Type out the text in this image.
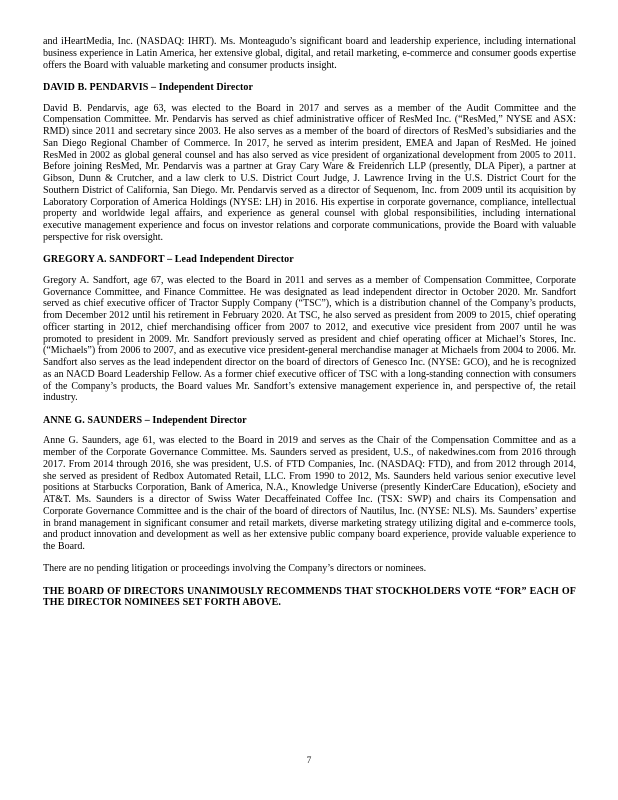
and iHeartMedia, Inc. (NASDAQ: IHRT). Ms. Monteagudo’s significant board and leadership experience, including international business experience in Latin America, her extensive global, digital, and retail marketing, e-commerce and consumer goods expertise offers the Board with valuable marketing and consumer products insight.

DAVID B. PENDARVIS – Independent Director

David B. Pendarvis, age 63, was elected to the Board in 2017 and serves as a member of the Audit Committee and the Compensation Committee. Mr. Pendarvis has served as chief administrative officer of ResMed Inc. (“ResMed,” NYSE and ASX: RMD) since 2011 and secretary since 2003. He also serves as a member of the board of directors of ResMed’s subsidiaries and the San Diego Regional Chamber of Commerce. In 2017, he served as interim president, EMEA and Japan of ResMed. He joined ResMed in 2002 as global general counsel and has also served as vice president of organizational development from 2005 to 2011. Before joining ResMed, Mr. Pendarvis was a partner at Gray Cary Ware & Freidenrich LLP (presently, DLA Piper), a partner at Gibson, Dunn & Crutcher, and a law clerk to U.S. District Court Judge, J. Lawrence Irving in the U.S. District Court for the Southern District of California, San Diego. Mr. Pendarvis served as a director of Sequenom, Inc. from 2009 until its acquisition by Laboratory Corporation of America Holdings (NYSE: LH) in 2016. His expertise in corporate governance, compliance, intellectual property and worldwide legal affairs, and experience as general counsel with global responsibilities, including international executive management experience and focus on investor relations and corporate communications, provide the Board with valuable perspective for risk oversight.

GREGORY A. SANDFORT – Lead Independent Director

Gregory A. Sandfort, age 67, was elected to the Board in 2011 and serves as a member of Compensation Committee, Corporate Governance Committee, and Finance Committee. He was designated as lead independent director in October 2020. Mr. Sandfort served as chief executive officer of Tractor Supply Company (“TSC”), which is a distribution channel of the Company’s products, from December 2012 until his retirement in February 2020. At TSC, he also served as president from 2009 to 2015, chief operating officer starting in 2012, chief merchandising officer from 2007 to 2012, and executive vice president from 2007 until he was promoted to president in 2009. Mr. Sandfort previously served as president and chief operating officer at Michael’s Stores, Inc. (“Michaels”) from 2006 to 2007, and as executive vice president-general merchandise manager at Michaels from 2004 to 2006. Mr. Sandfort also serves as the lead independent director on the board of directors of Genesco Inc. (NYSE: GCO), and he is recognized as an NACD Board Leadership Fellow. As a former chief executive officer of TSC with a long-standing connection with consumers of the Company’s products, the Board values Mr. Sandfort’s extensive management experience in, and perspective of, the retail industry.

ANNE G. SAUNDERS – Independent Director

Anne G. Saunders, age 61, was elected to the Board in 2019 and serves as the Chair of the Compensation Committee and as a member of the Corporate Governance Committee. Ms. Saunders served as president, U.S., of nakedwines.com from 2016 through 2017. From 2014 through 2016, she was president, U.S. of FTD Companies, Inc. (NASDAQ: FTD), and from 2012 through 2014, she served as president of Redbox Automated Retail, LLC. From 1990 to 2012, Ms. Saunders held various senior executive level positions at Starbucks Corporation, Bank of America, N.A., Knowledge Universe (presently KinderCare Education), eSociety and AT&T. Ms. Saunders is a director of Swiss Water Decaffeinated Coffee Inc. (TSX: SWP) and chairs its Compensation and Corporate Governance Committee and is the chair of the board of directors of Nautilus, Inc. (NYSE: NLS). Ms. Saunders’ expertise in brand management in significant consumer and retail markets, diverse marketing strategy utilizing digital and e-commerce tools, and product innovation and development as well as her extensive public company board experience, provide valuable experience to the Board.

There are no pending litigation or proceedings involving the Company’s directors or nominees.

THE BOARD OF DIRECTORS UNANIMOUSLY RECOMMENDS THAT STOCKHOLDERS VOTE “FOR” EACH OF THE DIRECTOR NOMINEES SET FORTH ABOVE.

7
